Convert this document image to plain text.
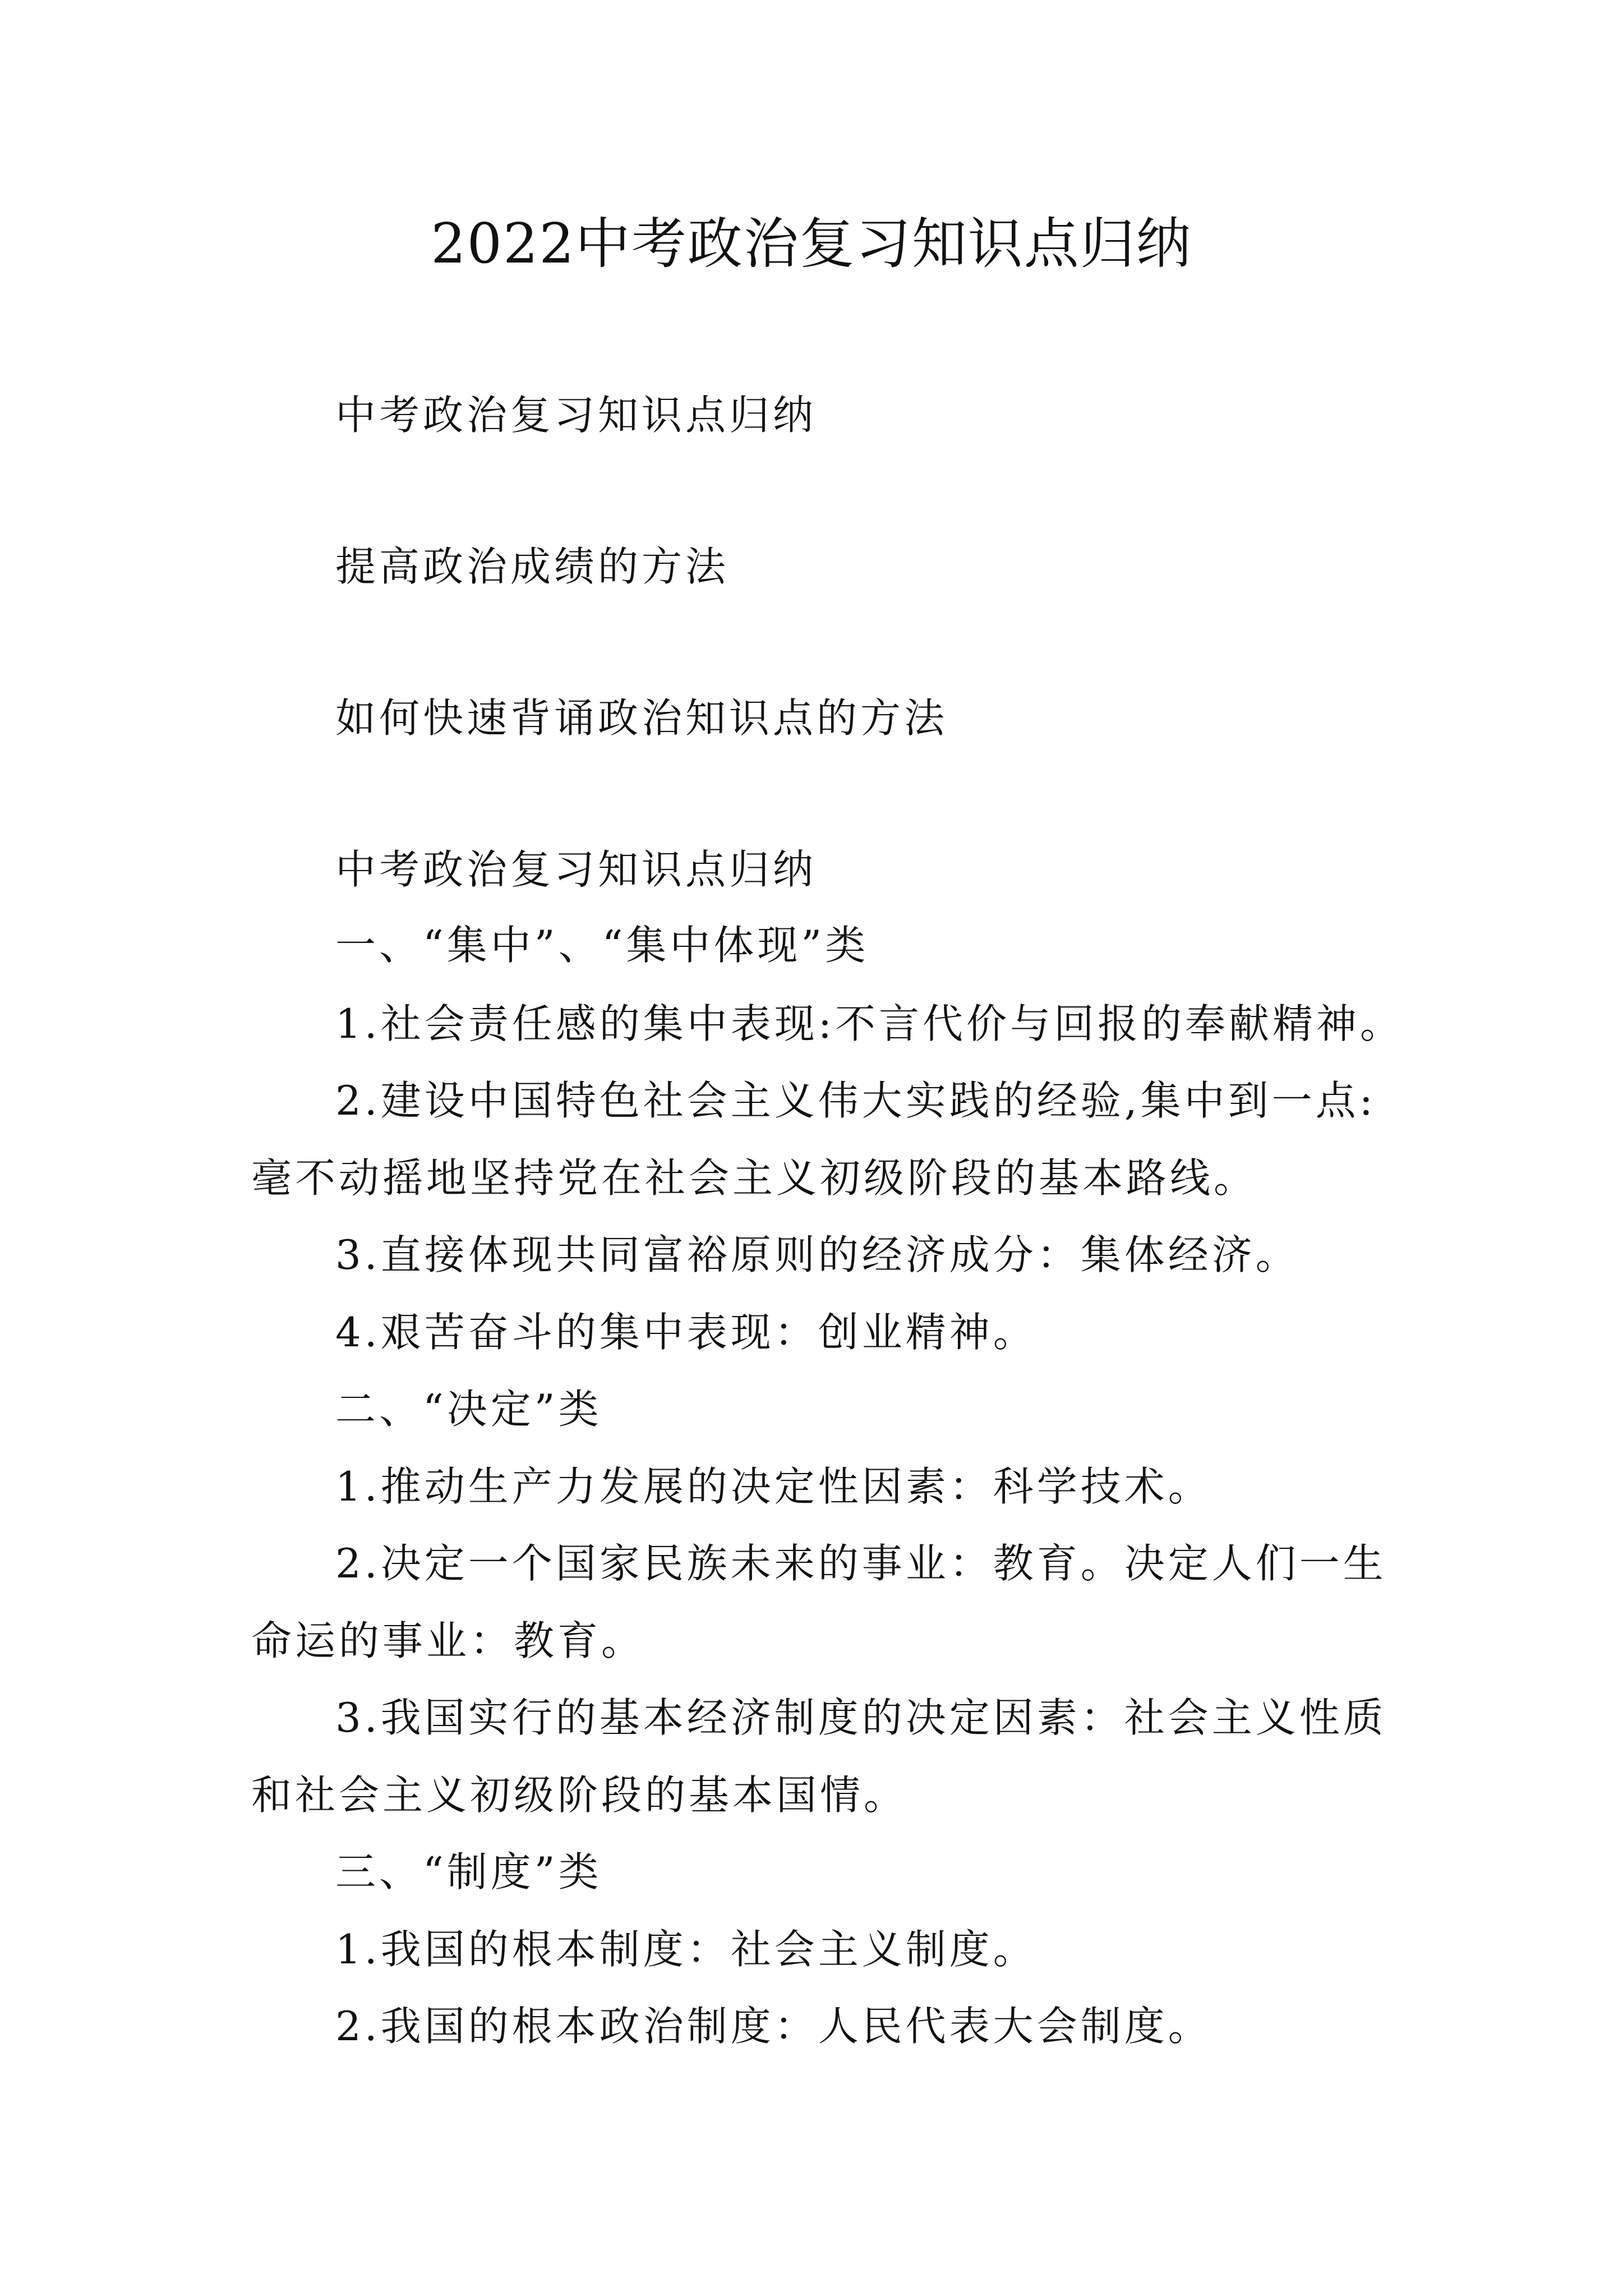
2022中考政治复习知识点归纳
中考政治复习知识点归纳
提高政治成绩的方法
如何快速背诵政治知识点的方法
中考政治复习知识点归纳
一、“集中”、“集中体现”类
1.社会责任感的集中表现:不言代价与回报的奉献精神。
2.建设中国特色社会主义伟大实践的经验,集中到一点:
毫不动摇地坚持党在社会主义初级阶段的基本路线。
3.直接体现共同富裕原则的经济成分：集体经济。
4.艰苦奋斗的集中表现：创业精神。
二、“决定”类
1.推动生产力发展的决定性因素：科学技术。
2.决定一个国家民族未来的事业：教育。决定人们一生
命运的事业：教育。
3.我国实行的基本经济制度的决定因素：社会主义性质
和社会主义初级阶段的基本国情。
三、“制度”类
1.我国的根本制度：社会主义制度。
2.我国的根本政治制度：人民代表大会制度。
